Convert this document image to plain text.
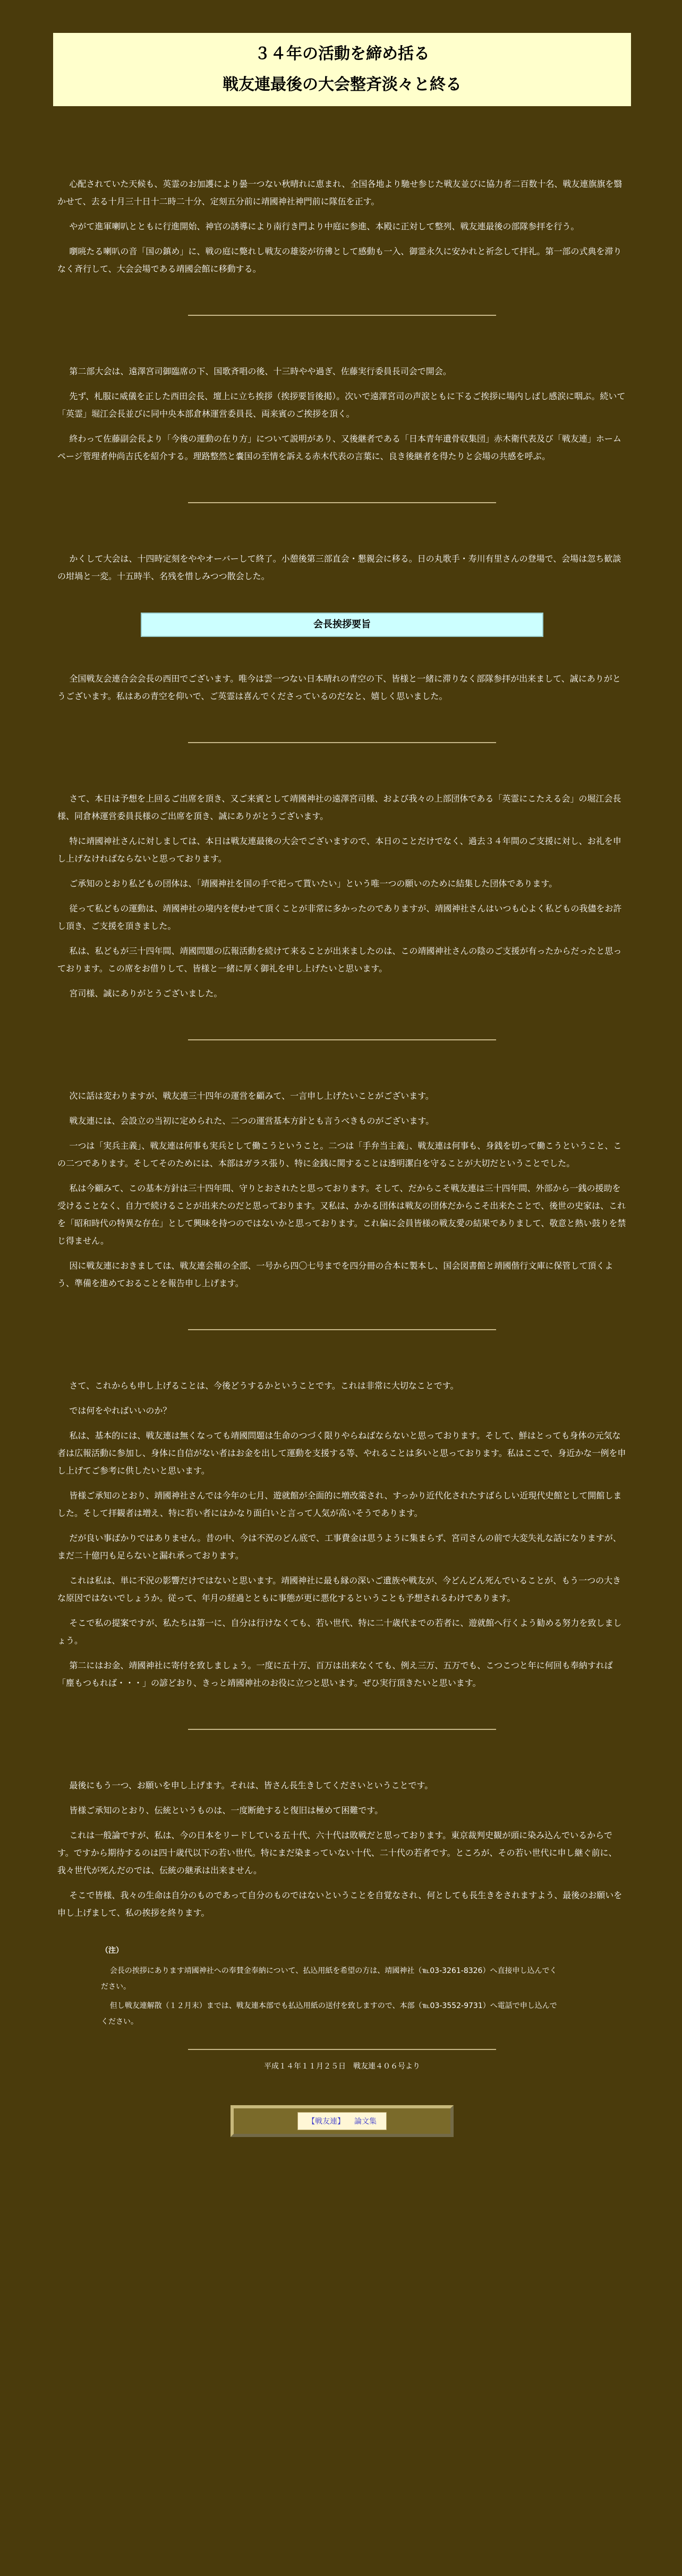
３４年の活動を締め括る
戦友連最後の大会整斉淡々と終る

心配されていた天候も、英霊のお加護により曇一つない秋晴れに恵まれ、全国各地より馳せ参じた戦友並びに協力者二百数十名、戦友連旗旗を翳かせて、去る十月三十日十二時二十分、定刻五分前に靖國神社神門前に隊伍を正す。

やがて進軍喇叭とともに行進開始、神官の誘導により南行き門より中庭に参進、本殿に正対して整列、戦友連最後の部隊参拝を行う。

嚠喨たる喇叭の音「国の鎮め」に、戦の庭に斃れし戦友の雄姿が彷彿として感動も一入、御霊永久に安かれと祈念して拝礼。第一部の式典を滞りなく斉行して、大会会場である靖國会館に移動する。

第二部大会は、遠澤宮司御臨席の下、国歌斉唱の後、十三時やや過ぎ、佐藤実行委員長司会で開会。

先ず、札服に威儀を正した西田会長、壇上に立ち挨拶（挨拶要旨後掲）。次いで遠澤宮司の声涙ともに下るご挨拶に場内しばし感涙に咽ぶ。続いて「英霊」堀江会長並びに同中央本部倉林運営委員長、両来賓のご挨拶を頂く。

終わって佐藤副会長より「今後の運動の在り方」について説明があり、又後継者である「日本青年遺骨収集団」赤木衛代表及び「戦友連」ホームページ管理者仲尚吉氏を紹介する。理路整然と嚢国の至情を訴える赤木代表の言葉に、良き後継者を得たりと会場の共感を呼ぶ。

かくして大会は、十四時定刻をややオーバーして終了。小憩後第三部直会・懇親会に移る。日の丸歌手・寿川有里さんの登場で、会場は忽ち歓談の坩堝と一変。十五時半、名残を惜しみつつ散会した。

会長挨拶要旨

全国戦友会連合会会長の西田でございます。唯今は雲一つない日本晴れの青空の下、皆様と一緒に滞りなく部隊参拝が出来まして、誠にありがとうございます。私はあの青空を仰いで、ご英霊は喜んでくださっているのだなと、嬉しく思いました。

さて、本日は予想を上回るご出席を頂き、又ご来賓として靖國神社の遠澤宮司様、および我々の上部団体である「英霊にこたえる会」の堀江会長様、同倉林運営委員長様のご出席を頂き、誠にありがとうございます。

特に靖國神社さんに対しましては、本日は戦友連最後の大会でございますので、本日のことだけでなく、過去３４年間のご支援に対し、お礼を申し上げなければならないと思っております。

ご承知のとおり私どもの団体は、「靖國神社を国の手で祀って貰いたい」という唯一つの願いのために結集した団体であります。

従って私どもの運動は、靖國神社の境内を使わせて頂くことが非常に多かったのでありますが、靖國神社さんはいつも心よく私どもの我儘をお許し頂き、ご支援を頂きました。

私は、私どもが三十四年間、靖國問題の広報活動を続けて来ることが出来ましたのは、この靖國神社さんの陰のご支援が有ったからだったと思っております。この席をお借りして、皆様と一緒に厚く御礼を申し上げたいと思います。

宮司様、誠にありがとうございました。

次に話は変わりますが、戦友連三十四年の運営を顧みて、一言申し上げたいことがございます。

戦友連には、会設立の当初に定められた、二つの運営基本方針とも言うべきものがございます。

一つは「実兵主義」、戦友連は何事も実兵として働こうということ。二つは「手弁当主義」、戦友連は何事も、身銭を切って働こうということ、この二つであります。そしてそのためには、本部はガラス張り、特に金銭に関することは透明潔白を守ることが大切だということでした。

私は今顧みて、この基本方針は三十四年間、守りとおされたと思っております。そして、だからこそ戦友連は三十四年間、外部から一銭の援助を受けることなく、自力で続けることが出来たのだと思っております。又私は、かかる団体は戦友の団体だからこそ出来たことで、後世の史家は、これを「昭和時代の特異な存在」として興味を持つのではないかと思っております。これ偏に会員皆様の戦友愛の結果でありまして、敬意と熱い鼓りを禁じ得ません。

因に戦友連におきましては、戦友連会報の全部、一号から四〇七号までを四分冊の合本に製本し、国会図書館と靖國偕行文庫に保管して頂くよう、準備を進めておることを報告申し上げます。

さて、これからも申し上げることは、今後どうするかということです。これは非常に大切なことです。

では何をやればいいのか？

私は、基本的には、戦友連は無くなっても靖國問題は生命のつづく限りやらねばならないと思っております。そして、鮮はとっても身体の元気な者は広報活動に参加し、身体に自信がない者はお金を出して運動を支援する等、やれることは多いと思っております。私はここで、身近かな一例を申し上げてご参考に供したいと思います。

皆様ご承知のとおり、靖國神社さんでは今年の七月、遊就館が全面的に増改築され、すっかり近代化されたすばらしい近現代史館として開館しました。そして拝観者は増え、特に若い者にはかなり面白いと言って人気が高いそうであります。

だが良い事ばかりではありません。昔の中、今は不況のどん底で、工事費金は思うように集まらず、宮司さんの前で大変失礼な話になりますが、まだ二十億円も足らないと漏れ承っております。

これは私は、単に不況の影響だけではないと思います。靖國神社に最も縁の深いご遺族や戦友が、今どんどん死んでいることが、もう一つの大きな原因ではないでしょうか。従って、年月の経過とともに事態が更に悪化するということも予想されるわけであります。

そこで私の提案ですが、私たちは第一に、自分は行けなくても、若い世代、特に二十歳代までの若者に、遊就館へ行くよう勧める努力を致しましょう。

第二にはお金、靖國神社に寄付を致しましょう。一度に五十万、百万は出来なくても、例え三万、五万でも、こつこつと年に何回も奉納すれば「塵もつもれば・・・」の諺どおり、きっと靖國神社のお役に立つと思います。ぜひ実行頂きたいと思います。

最後にもう一つ、お願いを申し上げます。それは、皆さん長生きしてくださいということです。

皆様ご承知のとおり、伝統というものは、一度断絶すると復旧は極めて困難です。

これは一般論ですが、私は、今の日本をリードしている五十代、六十代は敗戦だと思っております。東京裁判史観が頭に染み込んでいるからです。ですから期待するのは四十歳代以下の若い世代。特にまだ染まっていない十代、二十代の若者です。ところが、その若い世代に申し継ぐ前に、我々世代が死んだのでは、伝統の継承は出来ません。

そこで皆様、我々の生命は自分のものであって自分のものではないということを自覚なされ、何としても長生きをされますよう、最後のお願いを申し上げまして、私の挨拶を終ります。

（注）
会長の挨拶にあります靖國神社への奉賛金奉納について、払込用紙を希望の方は、靖國神社（℡03-3261-8326）へ直接申し込んでください。
但し戦友連解散（１２月末）までは、戦友連本部でも払込用紙の送付を致しますので、本部（℡03-3552-9731）へ電話で申し込んでください。
平成１４年１１月２５日　戦友連４０６号より
【戦友連】 論文集
